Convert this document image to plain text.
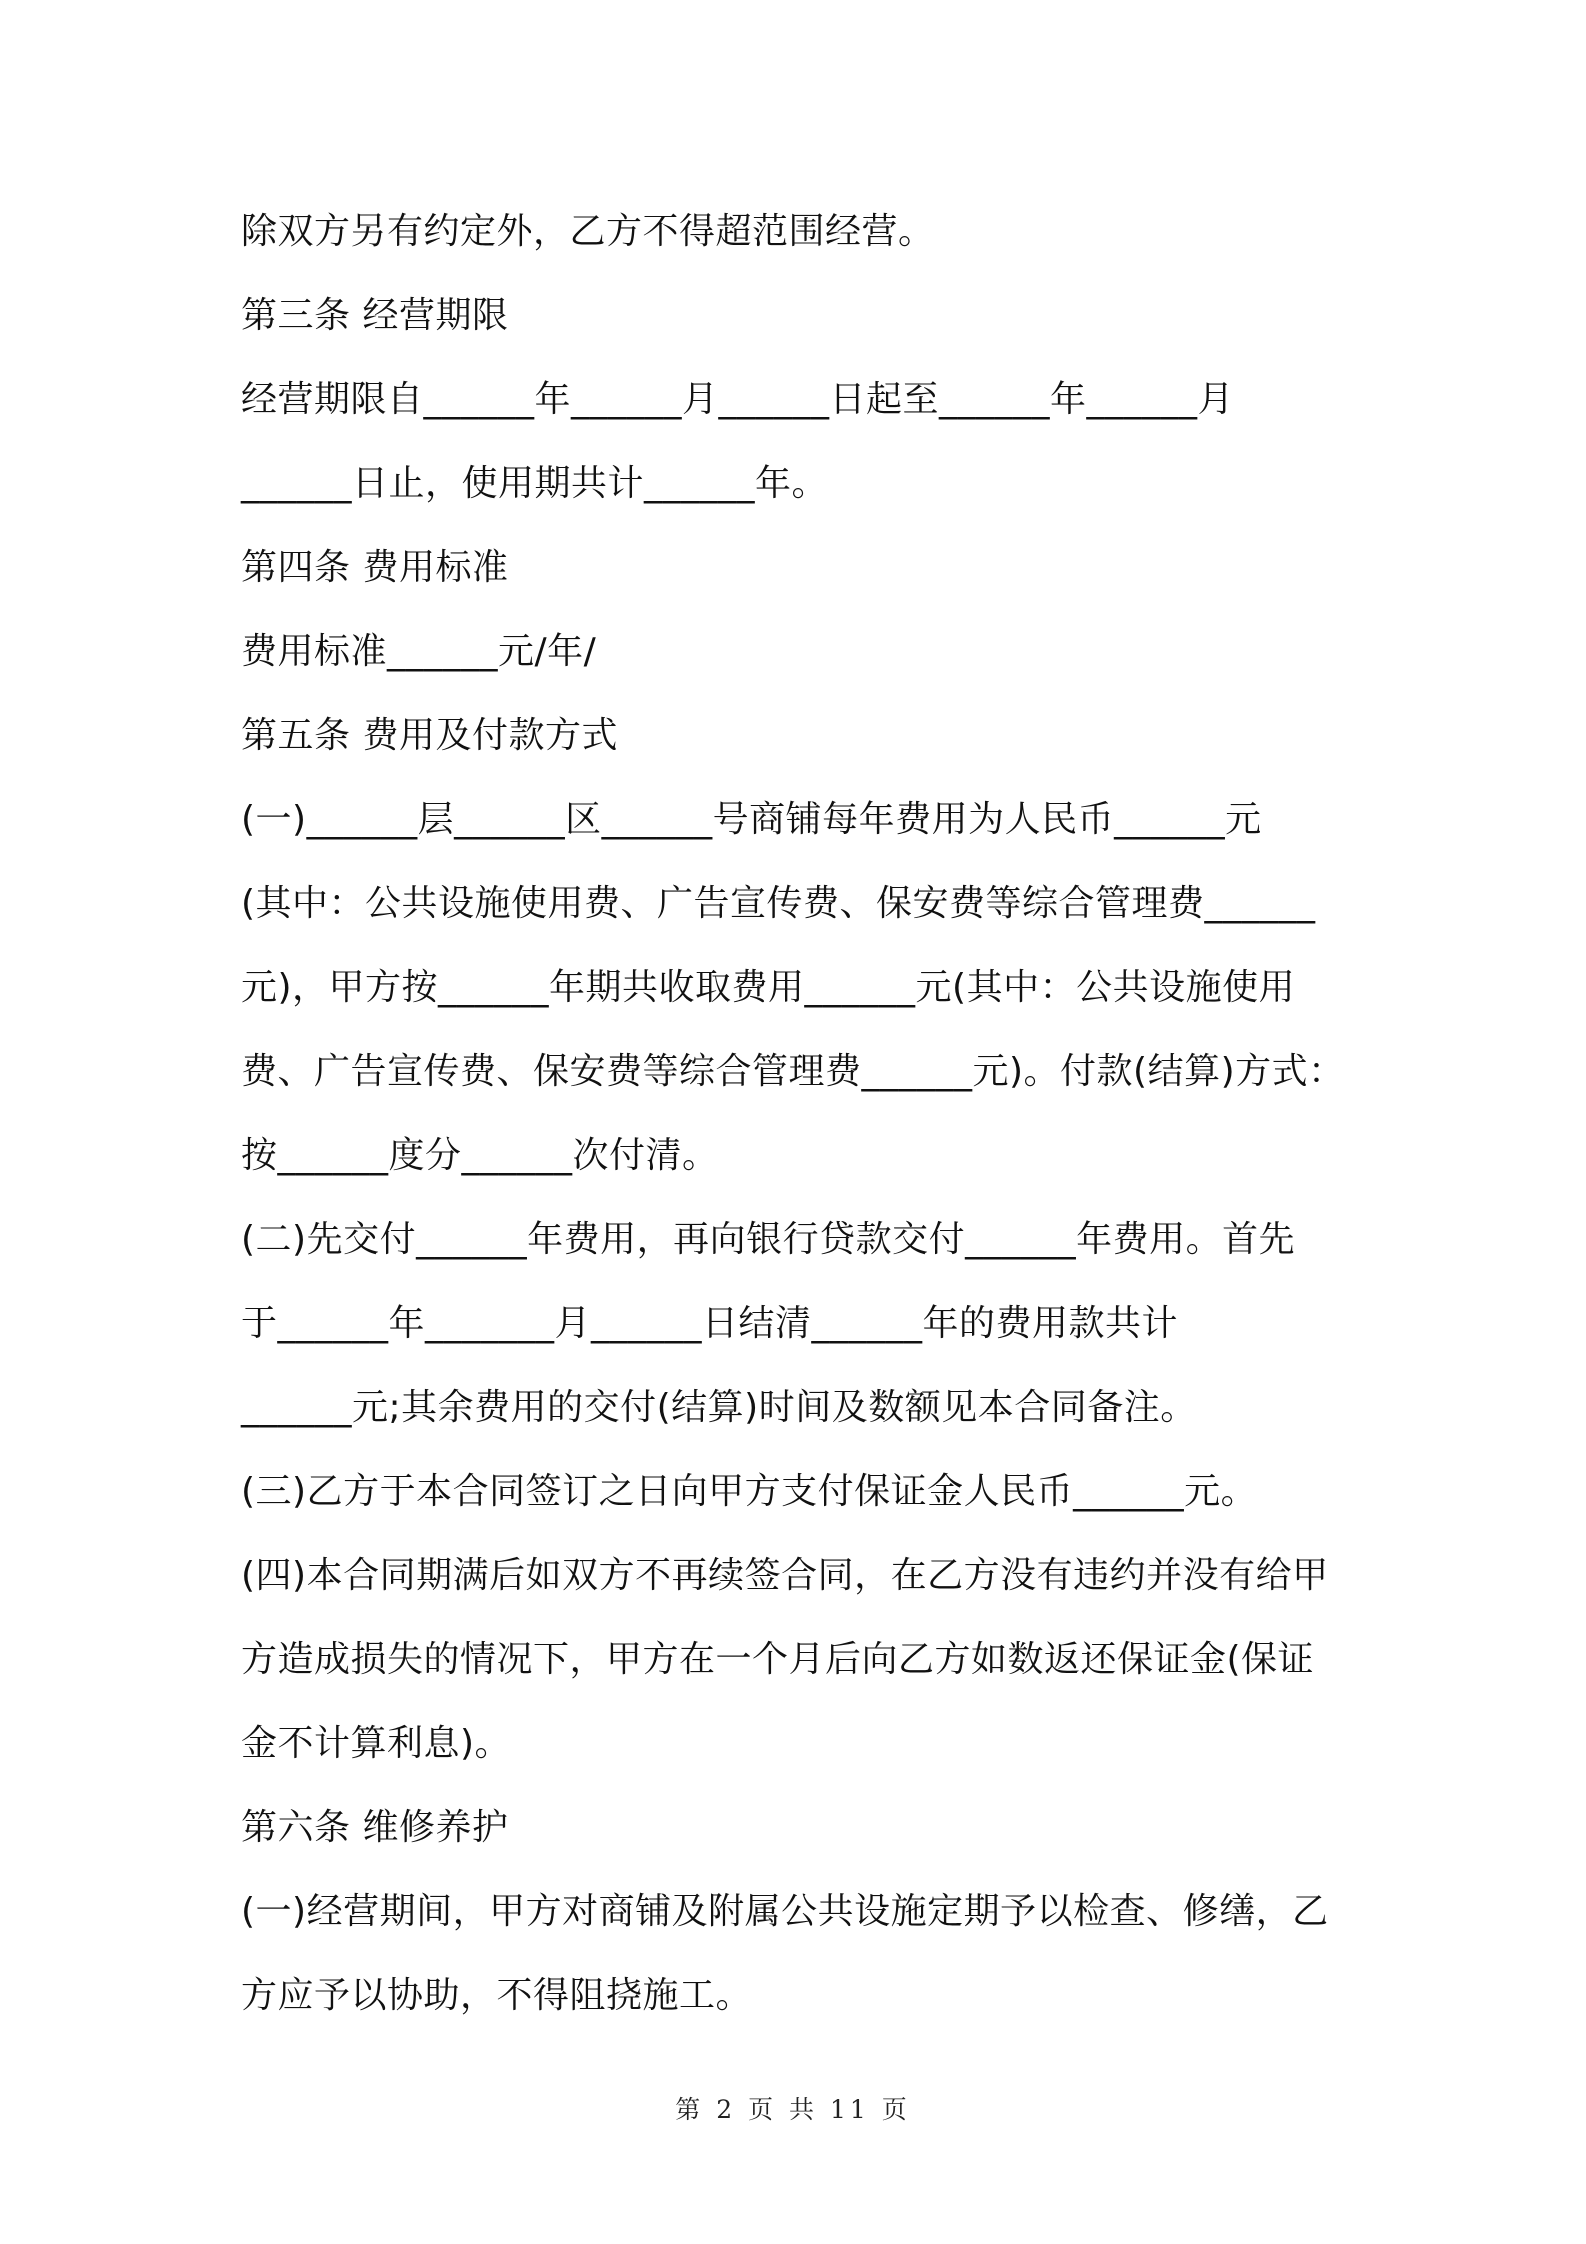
除双方另有约定外，乙方不得超范围经营。

第三条 经营期限

经营期限自______年______月______日起至______年______月

______日止，使用期共计______年。

第四条 费用标准

费用标准______元/年/

第五条 费用及付款方式

(一)______层______区______号商铺每年费用为人民币______元

(其中：公共设施使用费、广告宣传费、保安费等综合管理费______

元)，甲方按______年期共收取费用______元(其中：公共设施使用

费、广告宣传费、保安费等综合管理费______元)。付款(结算)方式：

按______度分______次付清。

(二)先交付______年费用，再向银行贷款交付______年费用。首先

于______年_______月______日结清______年的费用款共计

______元;其余费用的交付(结算)时间及数额见本合同备注。

(三)乙方于本合同签订之日向甲方支付保证金人民币______元。

(四)本合同期满后如双方不再续签合同，在乙方没有违约并没有给甲

方造成损失的情况下，甲方在一个月后向乙方如数返还保证金(保证

金不计算利息)。

第六条 维修养护

(一)经营期间，甲方对商铺及附属公共设施定期予以检查、修缮，乙

方应予以协助，不得阻挠施工。

第 2 页 共 11 页
